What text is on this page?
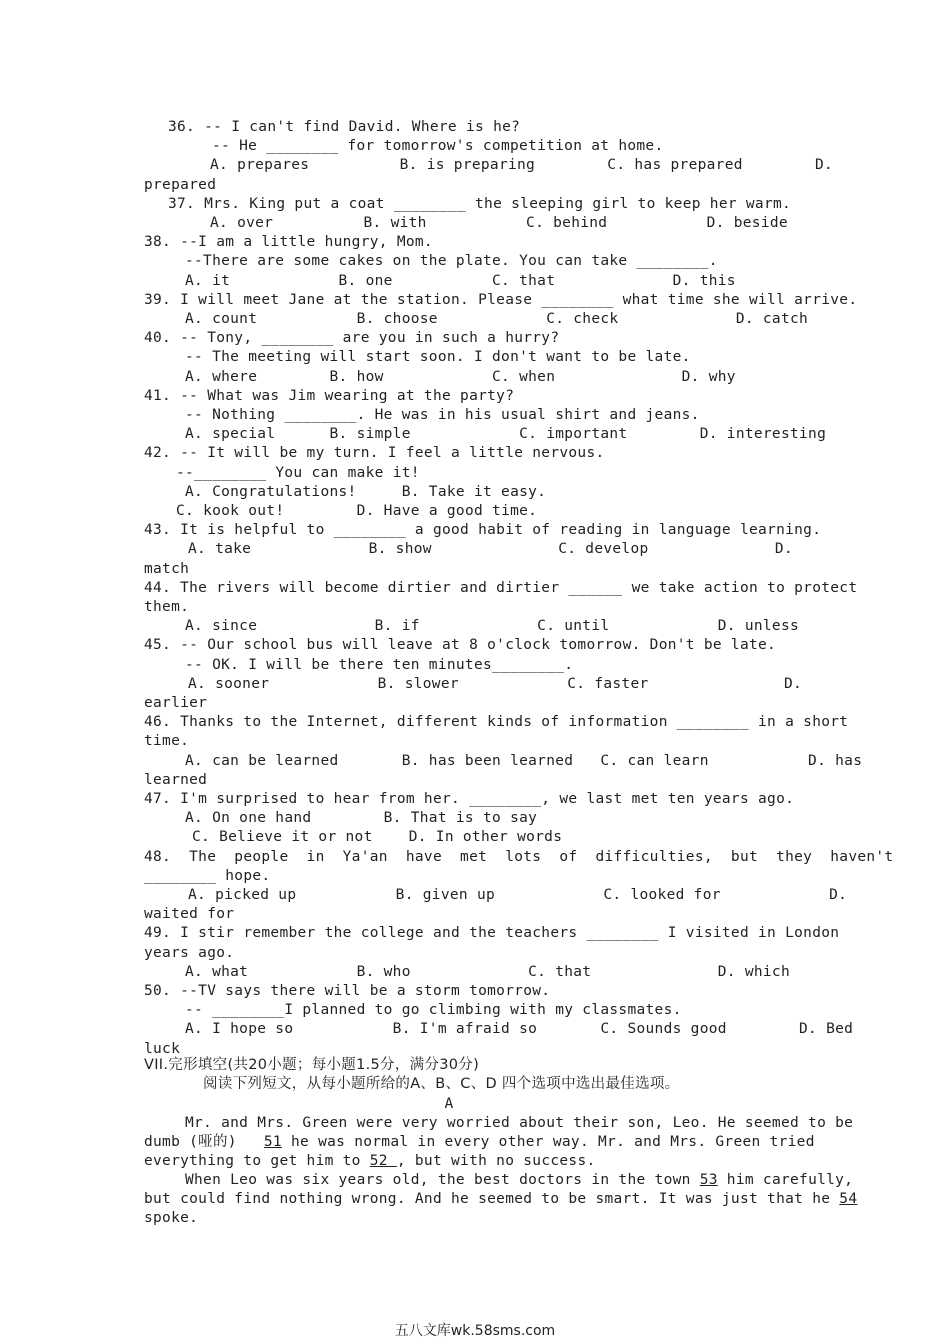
36. -- I can't find David. Where is he?
-- He ________ for tomorrow's competition at home.
A. prepares          B. is preparing        C. has prepared        D.
prepared
37. Mrs. King put a coat ________ the sleeping girl to keep her warm.
A. over          B. with           C. behind           D. beside
38. --I am a little hungry, Mom.
--There are some cakes on the plate. You can take ________.
A. it            B. one           C. that             D. this
39. I will meet Jane at the station. Please ________ what time she will arrive.
A. count           B. choose            C. check             D. catch
40. -- Tony, ________ are you in such a hurry?
-- The meeting will start soon. I don't want to be late.
A. where        B. how            C. when              D. why
41. -- What was Jim wearing at the party?
-- Nothing ________. He was in his usual shirt and jeans.
A. special      B. simple            C. important        D. interesting
42. -- It will be my turn. I feel a little nervous.
--________ You can make it!
A. Congratulations!     B. Take it easy.
C. kook out!        D. Have a good time.
43. It is helpful to ________ a good habit of reading in language learning.
A. take             B. show              C. develop              D.
match
44. The rivers will become dirtier and dirtier ______ we take action to protect
them.
A. since             B. if             C. until            D. unless
45. -- Our school bus will leave at 8 o'clock tomorrow. Don't be late.
-- OK. I will be there ten minutes________.
A. sooner            B. slower            C. faster               D.
earlier
46. Thanks to the Internet, different kinds of information ________ in a short
time.
A. can be learned       B. has been learned   C. can learn           D. has
learned
47. I'm surprised to hear from her. ________, we last met ten years ago.
A. On one hand        B. That is to say
C. Believe it or not    D. In other words
48.  The  people  in  Ya'an  have  met  lots  of  difficulties,  but  they  haven't
________ hope.
A. picked up           B. given up            C. looked for            D.
waited for
49. I stir remember the college and the teachers ________ I visited in London
years ago.
A. what            B. who             C. that              D. which
50. --TV says there will be a storm tomorrow.
-- ________I planned to go climbing with my classmates.
A. I hope so           B. I'm afraid so       C. Sounds good        D. Bed
luck
VII.完形填空(共20小题；每小题1.5分，满分30分)
阅读下列短文，从每小题所给的A、B、C、D 四个选项中选出最佳选项。
A
Mr. and Mrs. Green were very worried about their son, Leo. He seemed to be
dumb (哑的)   51 he was normal in every other way. Mr. and Mrs. Green tried
everything to get him to 52 , but with no success.
When Leo was six years old, the best doctors in the town 53 him carefully,
but could find nothing wrong. And he seemed to be smart. It was just that he 54
spoke.
五八文库wk.58sms.com
